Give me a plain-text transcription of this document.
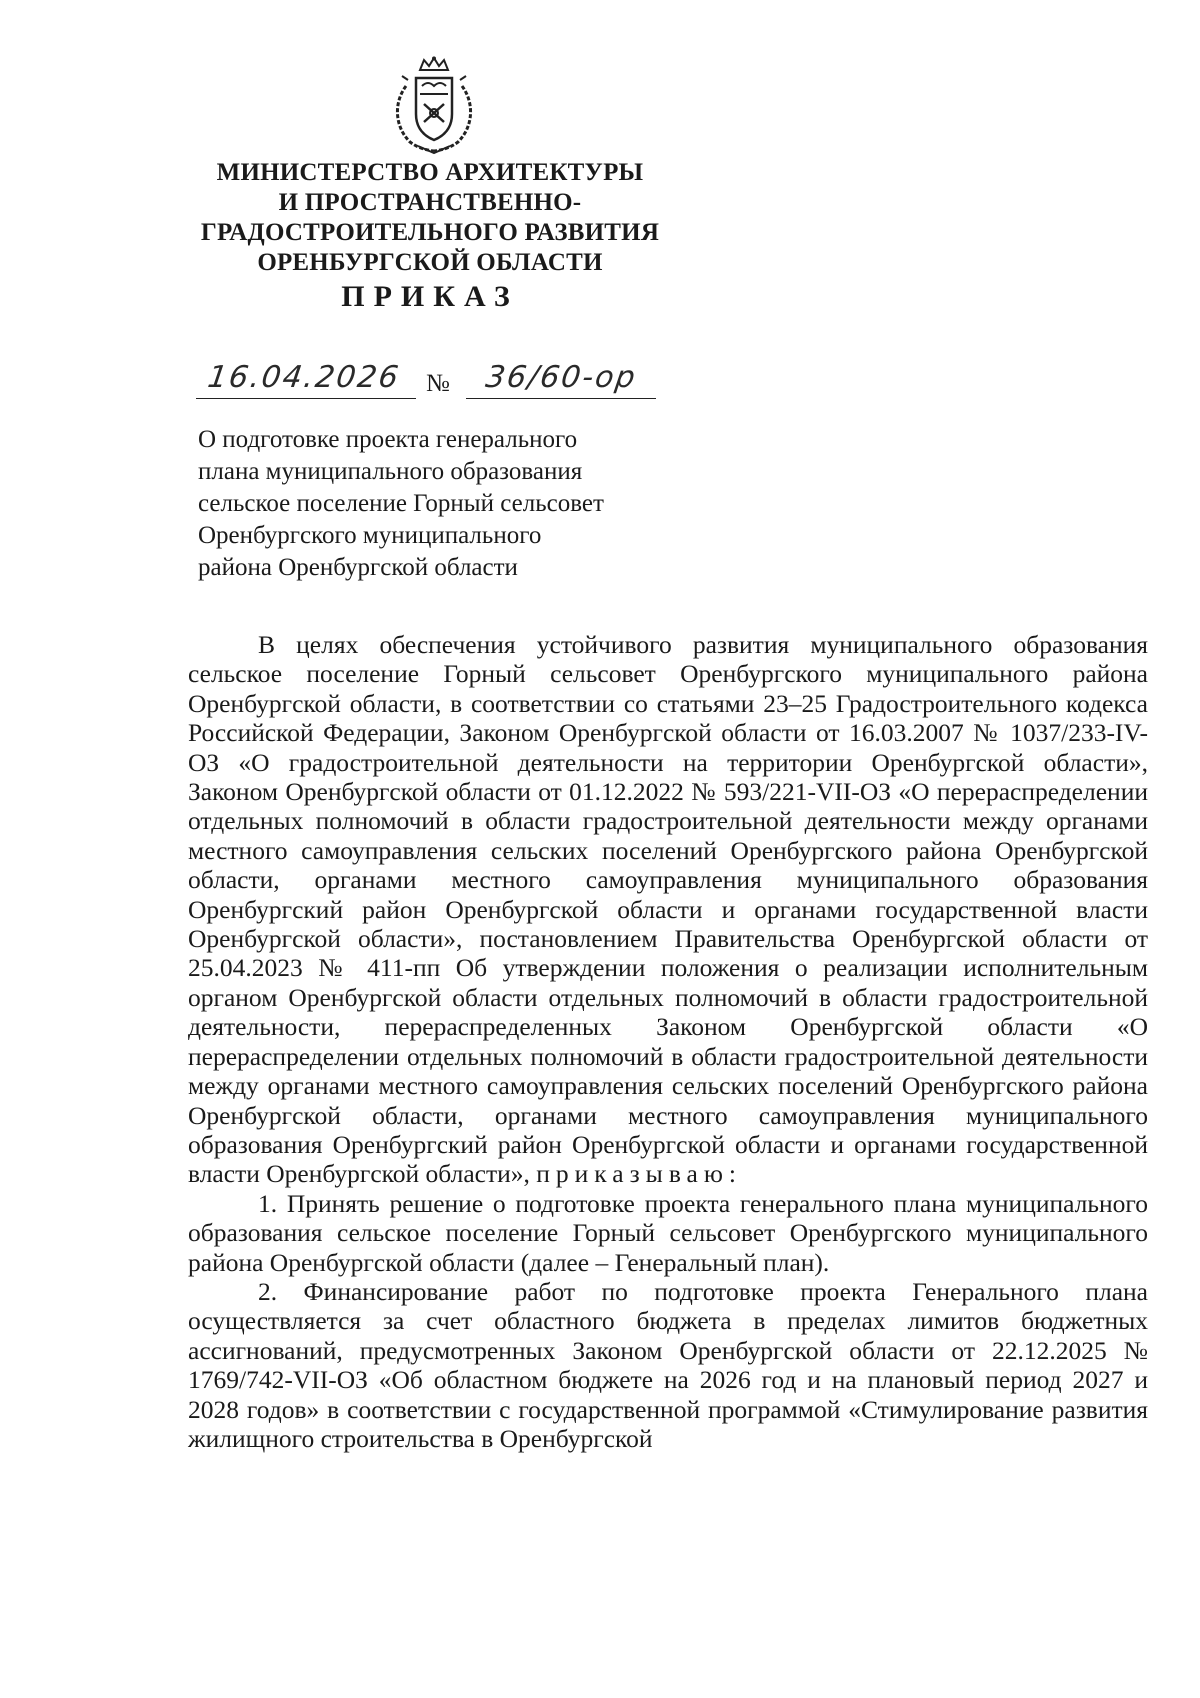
МИНИСТЕРСТВО АРХИТЕКТУРЫ
И ПРОСТРАНСТВЕННО-
ГРАДОСТРОИТЕЛЬНОГО РАЗВИТИЯ
ОРЕНБУРГСКОЙ ОБЛАСТИ
ПРИКАЗ
16.04.2026 № 36/60-ор
О подготовке проекта генерального
плана муниципального образования
сельское поселение Горный сельсовет
Оренбургского муниципального
района Оренбургской области

В целях обеспечения устойчивого развития муниципального образования сельское поселение Горный сельсовет Оренбургского муниципального района Оренбургской области, в соответствии со статьями 23–25 Градостроительного кодекса Российской Федерации, Законом Оренбургской области от 16.03.2007 № 1037/233-IV-ОЗ «О градостроительной деятельности на территории Оренбургской области», Законом Оренбургской области от 01.12.2022 № 593/221-VII-ОЗ «О перераспределении отдельных полномочий в области градостроительной деятельности между органами местного самоуправления сельских поселений Оренбургского района Оренбургской области, органами местного самоуправления муниципального образования Оренбургский район Оренбургской области и органами государственной власти Оренбургской области», постановлением Правительства Оренбургской области от 25.04.2023 № 411-пп Об утверждении положения о реализации исполнительным органом Оренбургской области отдельных полномочий в области градостроительной деятельности, перераспределенных Законом Оренбургской области «О перераспределении отдельных полномочий в области градостроительной деятельности между органами местного самоуправления сельских поселений Оренбургского района Оренбургской области, органами местного самоуправления муниципального образования Оренбургский район Оренбургской области и органами государственной власти Оренбургской области», приказываю:

1. Принять решение о подготовке проекта генерального плана муниципального образования сельское поселение Горный сельсовет Оренбургского муниципального района Оренбургской области (далее – Генеральный план).

2. Финансирование работ по подготовке проекта Генерального плана осуществляется за счет областного бюджета в пределах лимитов бюджетных ассигнований, предусмотренных Законом Оренбургской области от 22.12.2025 № 1769/742-VII-ОЗ «Об областном бюджете на 2026 год и на плановый период 2027 и 2028 годов» в соответствии с государственной программой «Стимулирование развития жилищного строительства в Оренбургской
